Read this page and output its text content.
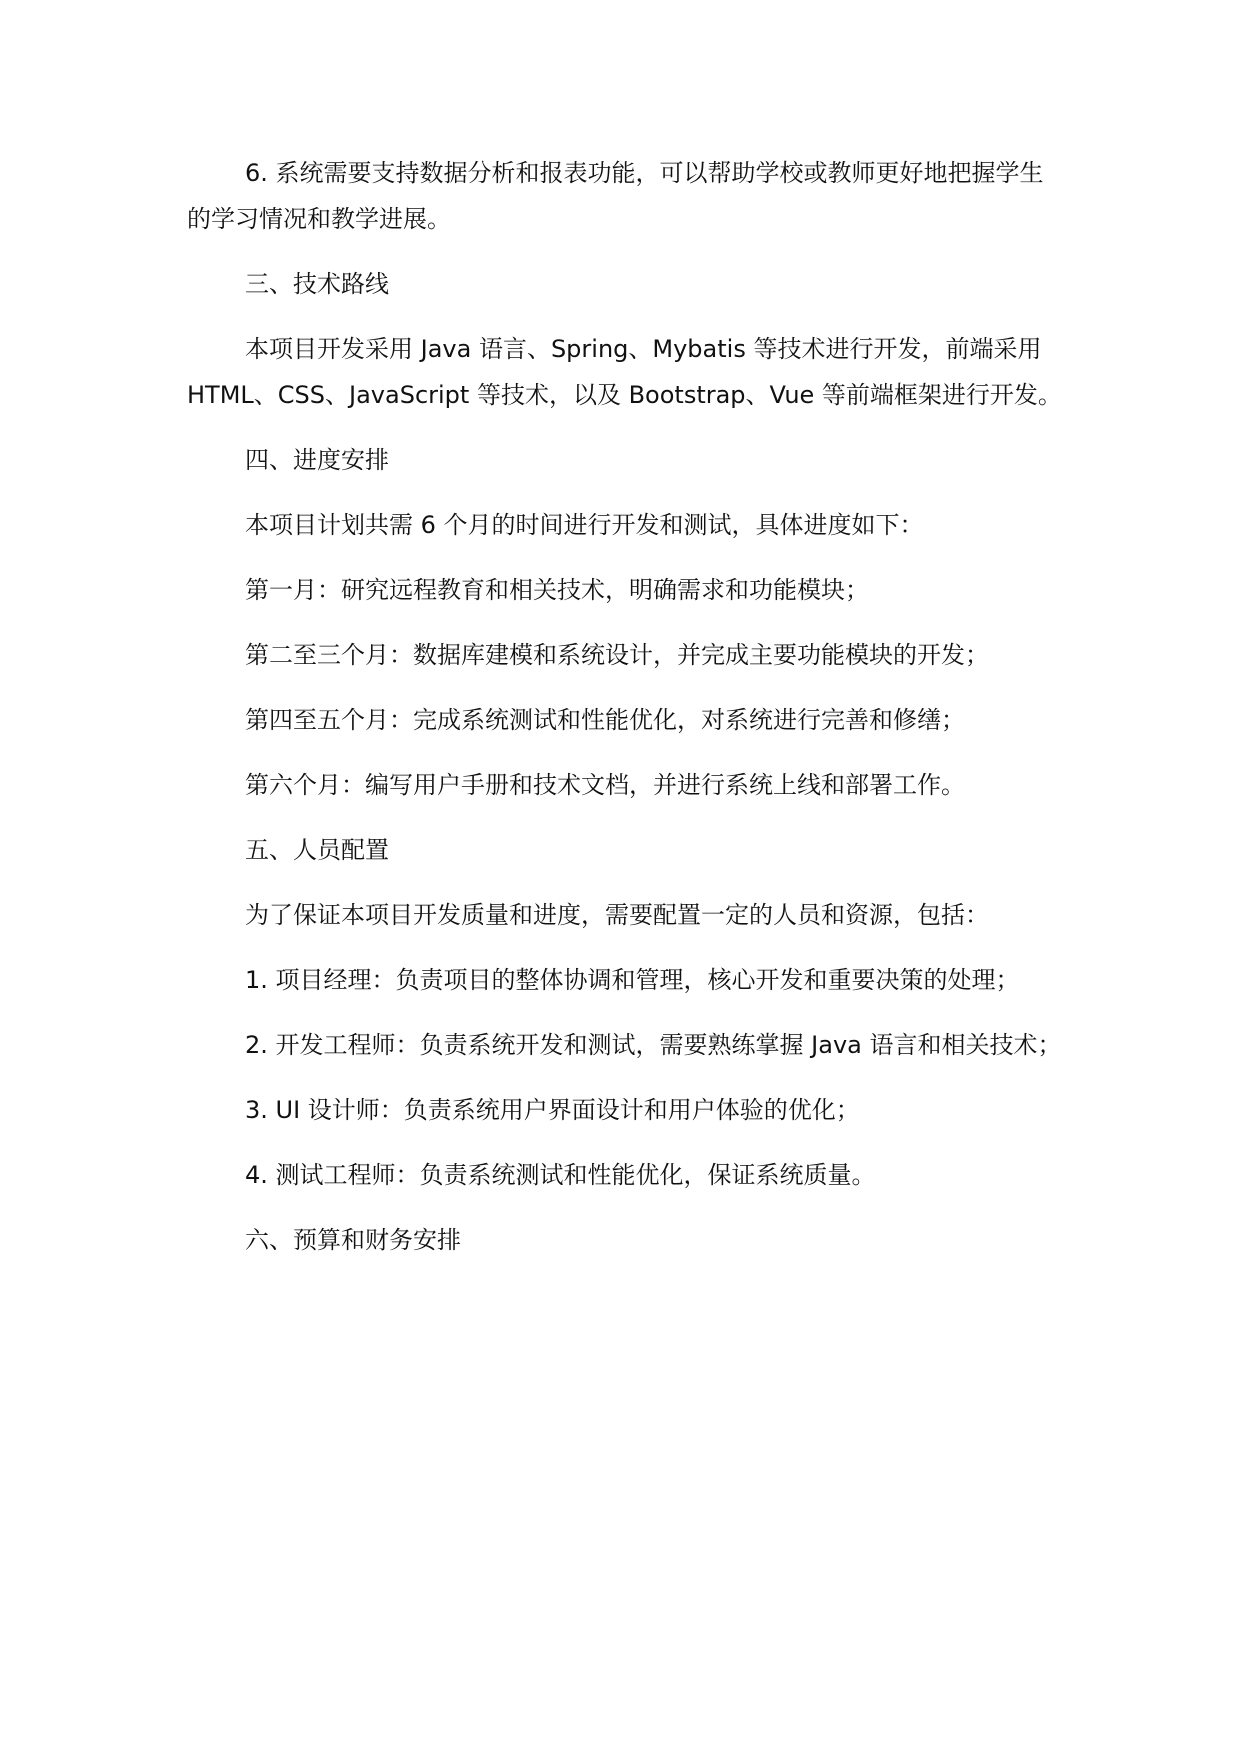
6. 系统需要支持数据分析和报表功能，可以帮助学校或教师更好地把握学生的学习情况和教学进展。

三、技术路线

本项目开发采用 Java 语言、Spring、Mybatis 等技术进行开发，前端采用 HTML、CSS、JavaScript 等技术，以及 Bootstrap、Vue 等前端框架进行开发。

四、进度安排

本项目计划共需 6 个月的时间进行开发和测试，具体进度如下：

第一月：研究远程教育和相关技术，明确需求和功能模块；

第二至三个月：数据库建模和系统设计，并完成主要功能模块的开发；

第四至五个月：完成系统测试和性能优化，对系统进行完善和修缮；

第六个月：编写用户手册和技术文档，并进行系统上线和部署工作。

五、人员配置

为了保证本项目开发质量和进度，需要配置一定的人员和资源，包括：

1. 项目经理：负责项目的整体协调和管理，核心开发和重要决策的处理；

2. 开发工程师：负责系统开发和测试，需要熟练掌握 Java 语言和相关技术；

3. UI 设计师：负责系统用户界面设计和用户体验的优化；

4. 测试工程师：负责系统测试和性能优化，保证系统质量。

六、预算和财务安排
